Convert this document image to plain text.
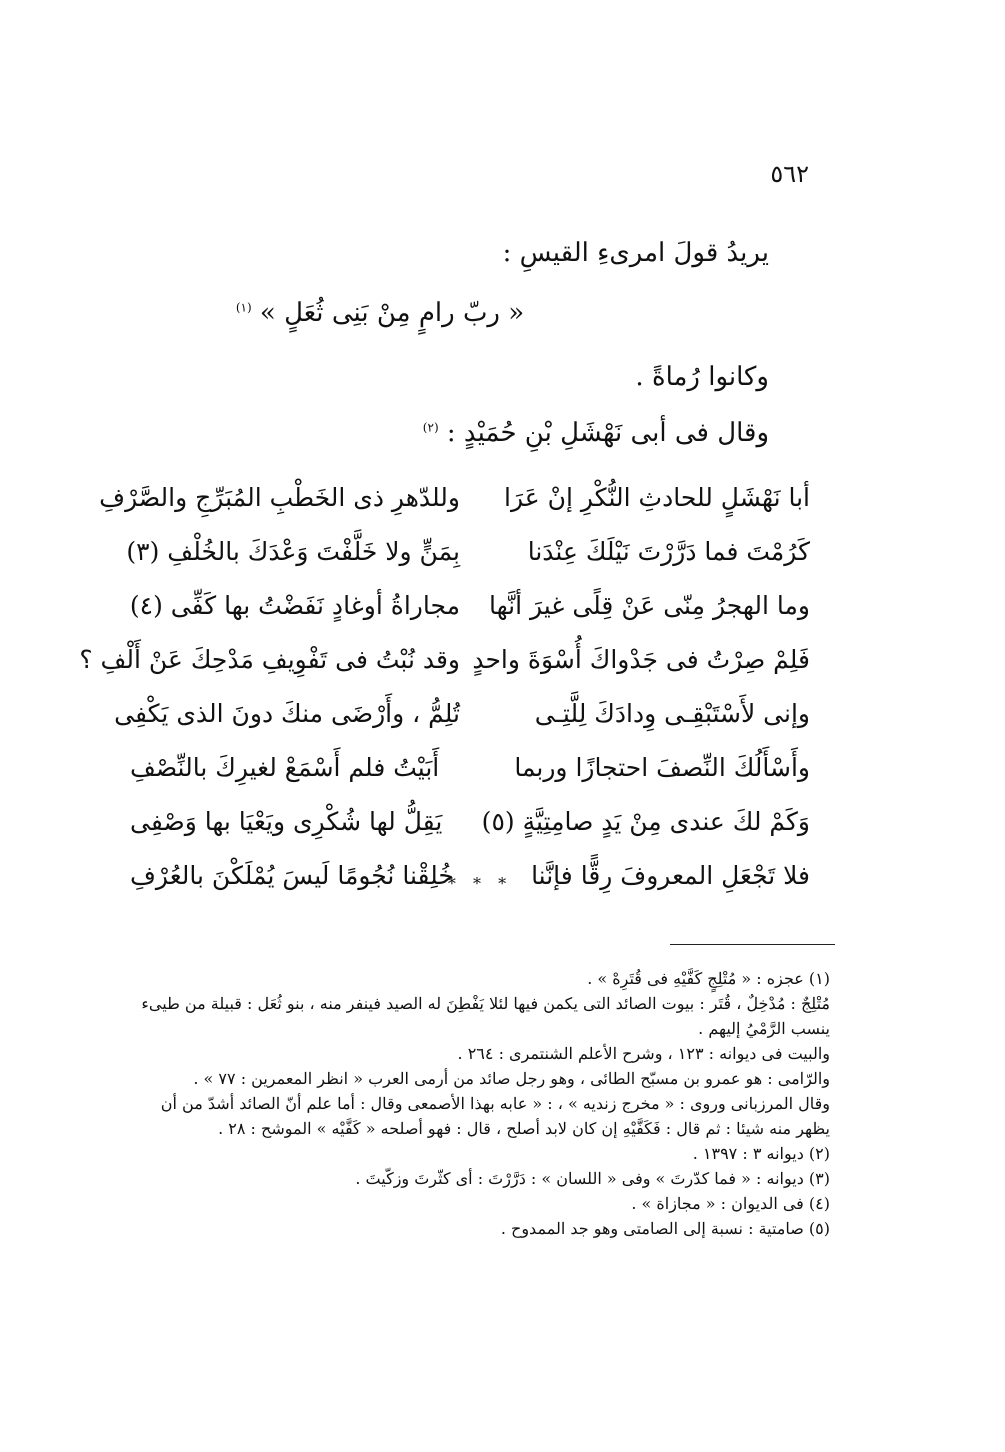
٥٦٢
يريدُ قولَ امرىءِ القيسِ :
« ربّ رامٍ مِنْ بَنِى ثُعَلٍ » $^{(١)}$
وكانوا رُماةً .
وقال فى أبى نَهْشَلِ بْنِ حُمَيْدٍ : $^{(٢)}$
أبا نَهْشَلٍ للحادثِ النُّكْرِ إنْ عَرَا
وللدّهرِ ذى الخَطْبِ المُبَرِّجِ والصَّرْفِ
كَرُمْتَ فما دَرَّرْتَ نَيْلَكَ عِنْدَنا
بِمَنٍّ ولا خَلَّفْتَ وَعْدَكَ بالخُلْفِ (٣)
وما الهجرُ مِنّى عَنْ قِلًى غيرَ أنَّها
مجاراةُ أوغادٍ نَفَضْتُ بها كَفِّى (٤)
فَلِمْ صِرْتُ فى جَدْواكَ أُسْوَةَ واحدٍ
وقد نُبْتُ فى تَفْوِيفِ مَدْحِكَ عَنْ أَلْفِ ؟
وإنى لأَسْتَبْقِـى وِدادَكَ لِلَّتِـى
تُلِمُّ ، وأَرْضَى منكَ دونَ الذى يَكْفِى
وأَسْأَلُكَ النِّصفَ احتجازًا وربما
أَبَيْتُ فلم أَسْمَعْ لغيرِكَ بالنِّصْفِ
وَكَمْ لكَ عندى مِنْ يَدٍ صامِتِيَّةٍ (٥)
يَقِلُّ لها شُكْرِى ويَعْيَا بها وَصْفِى
فلا تَجْعَلِ المعروفَ رِقًّا فإنَّنا
خُلِقْنا نُجُومًا لَيسَ يُمْلَكْنَ بالعُرْفِ
* * *
(١) عجزه : « مُتْلِجٍ كَفَّيْهِ فى قُتَرِهْ » .
مُتْلِجٌ : مُدْخِلٌ ، قُتَر : بيوت الصائد التى يكمن فيها لئلا يَفْطِنَ له الصيد فينفر منه ، بنو ثُعَل : قبيلة من طيىء ينسب الرَّمْيُ إليهم .
والبيت فى ديوانه : ١٢٣ ، وشرح الأعلم الشنتمرى : ٢٦٤ .
والرّامى : هو عمرو بن مسبّح الطائى ، وهو رجل صائد من أرمى العرب « انظر المعمرين : ٧٧ » .
وقال المرزبانى وروى : « مخرج زنديه » ، : « عابه بهذا الأصمعى وقال : أما علم أنّ الصائد أشدّ من أن يظهر منه شيئا : ثم قال : فَكَفَّيْهِ إن كان لابد أصلح ، قال : فهو أصلحه « كَفَّيْه » الموشح : ٢٨ .
(٢) ديوانه ٣ : ١٣٩٧ .
(٣) ديوانه : « فما كدّرتَ » وفى « اللسان » : دَرَّرْتَ : أى كثّرتَ وزكّيتَ .
(٤) فى الديوان : « مجازاة » .
(٥) صامتية : نسبة إلى الصامتى وهو جد الممدوح .
